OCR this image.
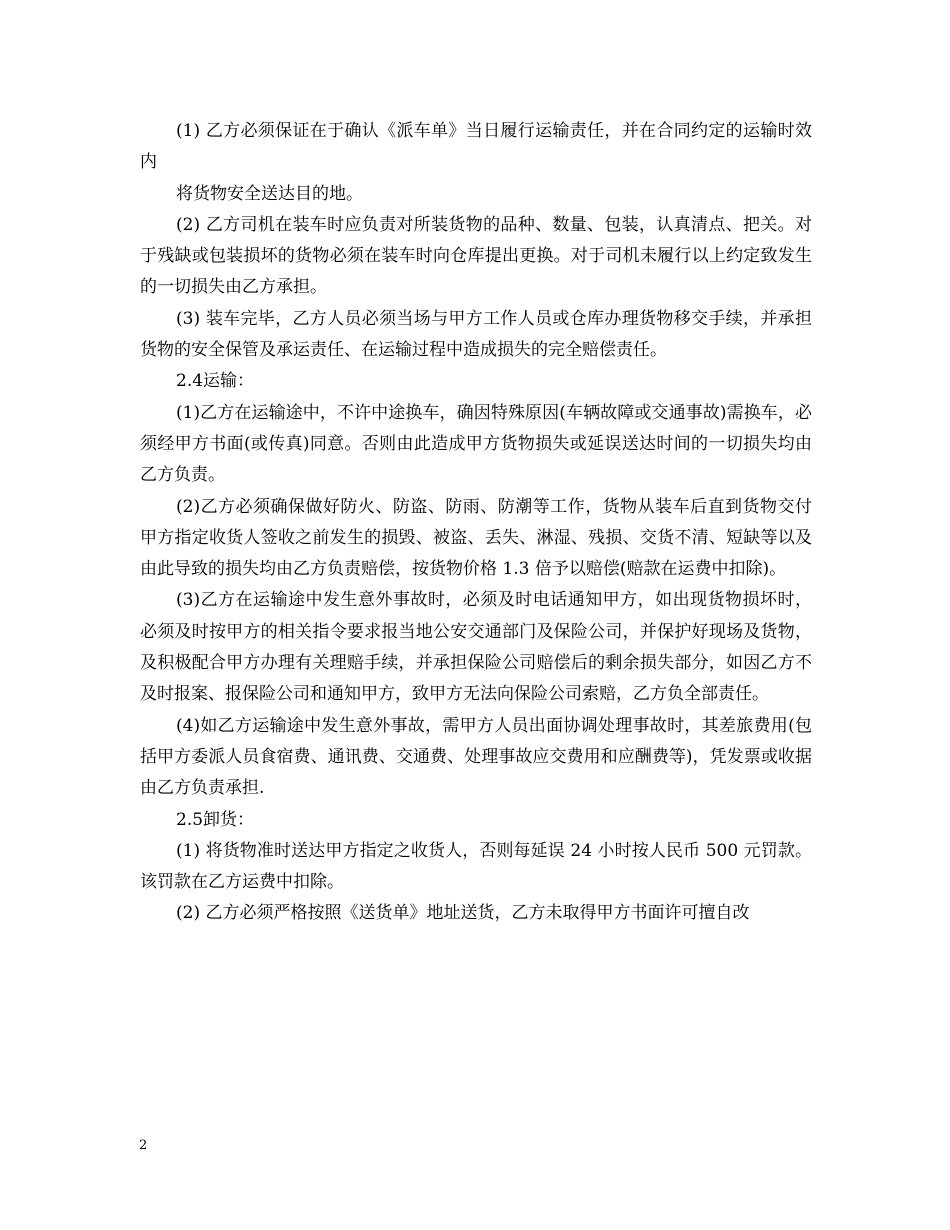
(1) 乙方必须保证在于确认《派车单》当日履行运输责任，并在合同约定的运输时效内

将货物安全送达目的地。

(2) 乙方司机在装车时应负责对所装货物的品种、数量、包装，认真清点、把关。对于残缺或包装损坏的货物必须在装车时向仓库提出更换。对于司机未履行以上约定致发生的一切损失由乙方承担。

(3) 装车完毕，乙方人员必须当场与甲方工作人员或仓库办理货物移交手续，并承担货物的安全保管及承运责任、在运输过程中造成损失的完全赔偿责任。

2.4运输：

(1)乙方在运输途中，不许中途换车，确因特殊原因(车辆故障或交通事故)需换车，必须经甲方书面(或传真)同意。否则由此造成甲方货物损失或延误送达时间的一切损失均由乙方负责。

(2)乙方必须确保做好防火、防盗、防雨、防潮等工作，货物从装车后直到货物交付甲方指定收货人签收之前发生的损毁、被盗、丢失、淋湿、残损、交货不清、短缺等以及由此导致的损失均由乙方负责赔偿，按货物价格 1.3 倍予以赔偿(赔款在运费中扣除)。

(3)乙方在运输途中发生意外事故时，必须及时电话通知甲方，如出现货物损坏时，必须及时按甲方的相关指令要求报当地公安交通部门及保险公司，并保护好现场及货物，及积极配合甲方办理有关理赔手续，并承担保险公司赔偿后的剩余损失部分，如因乙方不及时报案、报保险公司和通知甲方，致甲方无法向保险公司索赔，乙方负全部责任。

(4)如乙方运输途中发生意外事故，需甲方人员出面协调处理事故时，其差旅费用(包括甲方委派人员食宿费、通讯费、交通费、处理事故应交费用和应酬费等)，凭发票或收据由乙方负责承担.

2.5卸货：

(1) 将货物准时送达甲方指定之收货人，否则每延误 24 小时按人民币 500 元罚款。该罚款在乙方运费中扣除。

(2) 乙方必须严格按照《送货单》地址送货，乙方未取得甲方书面许可擅自改

2
